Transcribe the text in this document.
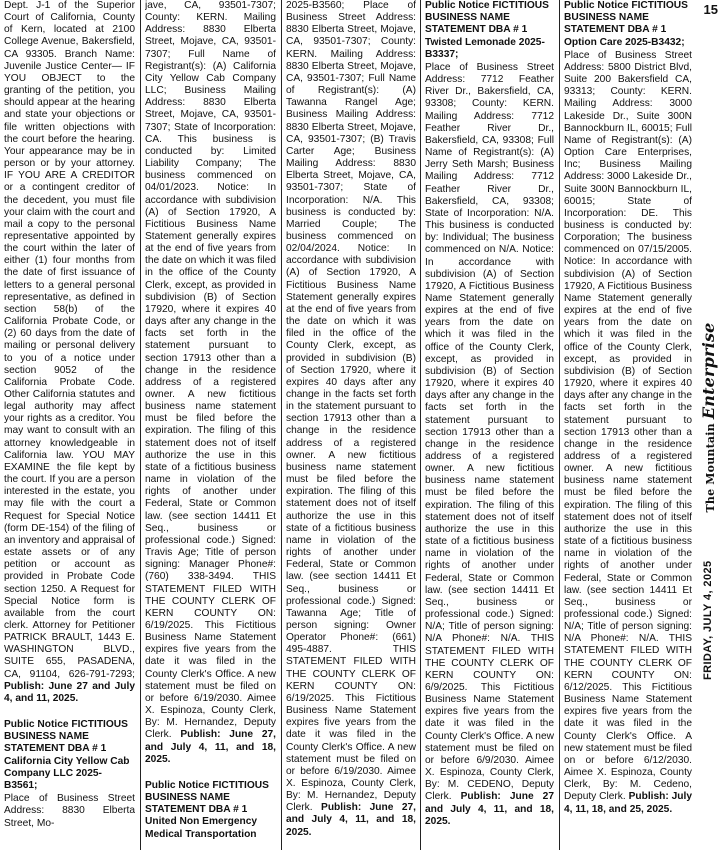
Dept. J-1 of the Superior Court of California, County of Kern, located at 2100 College Avenue, Bakersfield, CA 93305. Branch Name: Juvenile Justice Center— IF YOU OBJECT to the granting of the petition, you should appear at the hearing and state your objections or file written objections with the court before the hearing. Your appearance may be in person or by your attorney. IF YOU ARE A CREDITOR or a contingent creditor of the decedent, you must file your claim with the court and mail a copy to the personal representative appointed by the court within the later of either (1) four months from the date of first issuance of letters to a general personal representative, as defined in section 58(b) of the California Probate Code, or (2) 60 days from the date of mailing or personal delivery to you of a notice under section 9052 of the California Probate Code. Other California statutes and legal authority may affect your rights as a creditor. You may want to consult with an attorney knowledgeable in California law. YOU MAY EXAMINE the file kept by the court. If you are a person interested in the estate, you may file with the court a Request for Special Notice (form DE-154) of the filing of an inventory and appraisal of estate assets or of any petition or account as provided in Probate Code section 1250. A Request for Special Notice form is available from the court clerk. Attorney for Petitioner PATRICK BRAULT, 1443 E. WASHINGTON BLVD., SUITE 655, PASADENA, CA, 91104, 626-791-7293; Publish: June 27 and July 4, and 11, 2025.
Public Notice FICTITIOUS BUSINESS NAME STATEMENT DBA # 1 California City Yellow Cab Company LLC 2025-B3561;
Place of Business Street Address: 8830 Elberta Street, Mo-
jave, CA, 93501-7307; County: KERN. Mailing Address: 8830 Elberta Street, Mojave, CA, 93501-7307; Full Name of Registrant(s): (A) California City Yellow Cab Company LLC; Business Mailing Address: 8830 Elberta Street, Mojave, CA, 93501-7307; State of Incorporation: CA. This business is conducted by: Limited Liability Company; The business commenced on 04/01/2023. Notice: In accordance with subdivision (A) of Section 17920, A Fictitious Business Name Statement generally expires at the end of five years from the date on which it was filed in the office of the County Clerk, except, as provided in subdivision (B) of Section 17920, where it expires 40 days after any change in the facts set forth in the statement pursuant to section 17913 other than a change in the residence address of a registered owner. A new fictitious business name statement must be filed before the expiration. The filing of this statement does not of itself authorize the use in this state of a fictitious business name in violation of the rights of another under Federal, State or Common law. (see section 14411 Et Seq., business or professional code.) Signed: Travis Age; Title of person signing: Manager Phone#: (760) 338-3494. THIS STATEMENT FILED WITH THE COUNTY CLERK OF KERN COUNTY ON: 6/19/2025. This Fictitious Business Name Statement expires five years from the date it was filed in the County Clerk's Office. A new statement must be filed on or before 6/19/2030. Aimee X. Espinoza, County Clerk, By: M. Hernandez, Deputy Clerk. Publish: June 27, and July 4, 11, and 18, 2025.
Public Notice FICTITIOUS BUSINESS NAME STATEMENT DBA # 1 United Non Emergency Medical Transportation
2025-B3560; Place of Business Street Address: 8830 Elberta Street, Mojave, CA, 93501-7307; County: KERN. Mailing Address: 8830 Elberta Street, Mojave, CA, 93501-7307; Full Name of Registrant(s): (A) Tawanna Rangel Age; Business Mailing Address: 8830 Elberta Street, Mojave, CA, 93501-7307; (B) Travis Carter Age; Business Mailing Address: 8830 Elberta Street, Mojave, CA, 93501-7307; State of Incorporation: N/A. This business is conducted by: Married Couple; The business commenced on 02/04/2024. Notice: In accordance with subdivision (A) of Section 17920, A Fictitious Business Name Statement generally expires at the end of five years from the date on which it was filed in the office of the County Clerk, except, as provided in subdivision (B) of Section 17920, where it expires 40 days after any change in the facts set forth in the statement pursuant to section 17913 other than a change in the residence address of a registered owner. A new fictitious business name statement must be filed before the expiration. The filing of this statement does not of itself authorize the use in this state of a fictitious business name in violation of the rights of another under Federal, State or Common law. (see section 14411 Et Seq., business or professional code.) Signed: Tawanna Age; Title of person signing: Owner Operator Phone#: (661) 495-4887. THIS STATEMENT FILED WITH THE COUNTY CLERK OF KERN COUNTY ON: 6/19/2025. This Fictitious Business Name Statement expires five years from the date it was filed in the County Clerk's Office. A new statement must be filed on or before 6/19/2030. Aimee X. Espinoza, County Clerk, By: M. Hernandez, Deputy Clerk. Publish: June 27, and July 4, 11, and 18, 2025.
Public Notice FICTITIOUS BUSINESS NAME STATEMENT DBA # 1 Twisted Lemonade 2025-B3337;
Place of Business Street Address: 7712 Feather River Dr., Bakersfield, CA, 93308; County: KERN. Mailing Address: 7712 Feather River Dr., Bakersfield, CA, 93308; Full Name of Registrant(s): (A) Jerry Seth Marsh; Business Mailing Address: 7712 Feather River Dr., Bakersfield, CA, 93308; State of Incorporation: N/A. This business is conducted by: Individual; The business commenced on N/A. Notice: In accordance with subdivision (A) of Section 17920, A Fictitious Business Name Statement generally expires at the end of five years from the date on which it was filed in the office of the County Clerk, except, as provided in subdivision (B) of Section 17920, where it expires 40 days after any change in the facts set forth in the statement pursuant to section 17913 other than a change in the residence address of a registered owner. A new fictitious business name statement must be filed before the expiration. The filing of this statement does not of itself authorize the use in this state of a fictitious business name in violation of the rights of another under Federal, State or Common law. (see section 14411 Et Seq., business or professional code.) Signed: N/A; Title of person signing: N/A Phone#: N/A. THIS STATEMENT FILED WITH THE COUNTY CLERK OF KERN COUNTY ON: 6/9/2025. This Fictitious Business Name Statement expires five years from the date it was filed in the County Clerk's Office. A new statement must be filed on or before 6/9/2030. Aimee X. Espinoza, County Clerk, By: M. CEDENO, Deputy Clerk. Publish: June 27 and July 4, 11, and 18, 2025.
Public Notice FICTITIOUS BUSINESS NAME STATEMENT DBA # 1 Option Care 2025-B3432;
Place of Business Street Address: 5800 District Blvd, Suite 200 Bakersfield CA, 93313; County: KERN. Mailing Address: 3000 Lakeside Dr., Suite 300N Bannockburn IL, 60015; Full Name of Registrant(s): (A) Option Care Enterprises, Inc; Business Mailing Address: 3000 Lakeside Dr., Suite 300N Bannockburn IL, 60015; State of Incorporation: DE. This business is conducted by: Corporation; The business commenced on 07/15/2005. Notice: In accordance with subdivision (A) of Section 17920, A Fictitious Business Name Statement generally expires at the end of five years from the date on which it was filed in the office of the County Clerk, except, as provided in subdivision (B) of Section 17920, where it expires 40 days after any change in the facts set forth in the statement pursuant to section 17913 other than a change in the residence address of a registered owner. A new fictitious business name statement must be filed before the expiration. The filing of this statement does not of itself authorize the use in this state of a fictitious business name in violation of the rights of another under Federal, State or Common law. (see section 14411 Et Seq., business or professional code.) Signed: N/A; Title of person signing: N/A Phone#: N/A. THIS STATEMENT FILED WITH THE COUNTY CLERK OF KERN COUNTY ON: 6/12/2025. This Fictitious Business Name Statement expires five years from the date it was filed in the County Clerk's Office. A new statement must be filed on or before 6/12/2030. Aimee X. Espinoza, County Clerk, By: M. Cedeno, Deputy Clerk. Publish: July 4, 11, 18, and 25, 2025.
15
FRIDAY, JULY 4, 2025
The Mountain Enterprise
